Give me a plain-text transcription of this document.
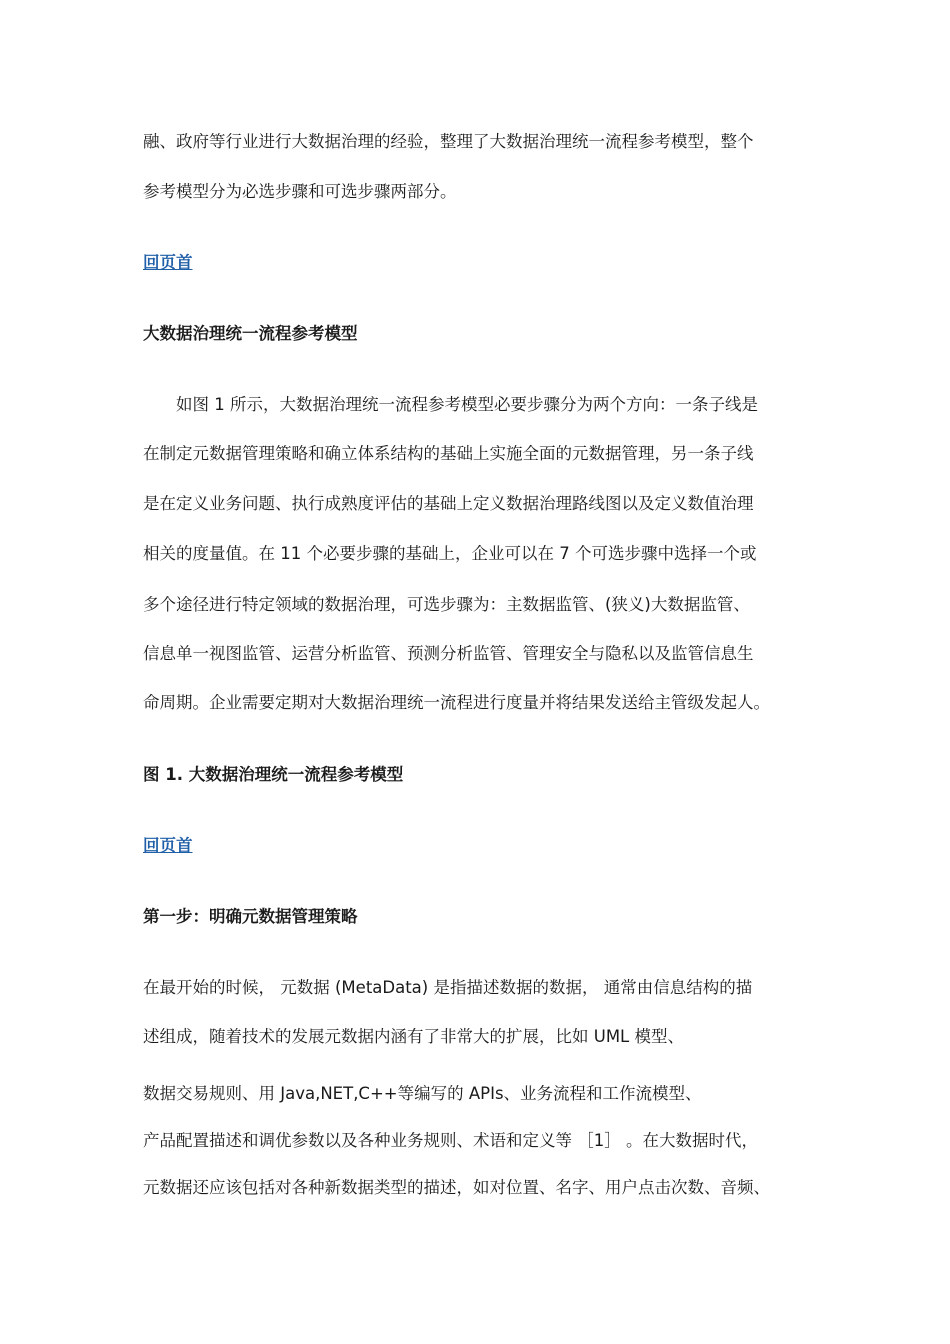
融、政府等行业进行大数据治理的经验，整理了大数据治理统一流程参考模型，整个
参考模型分为必选步骤和可选步骤两部分。
回页首
大数据治理统一流程参考模型
如图 1 所示，大数据治理统一流程参考模型必要步骤分为两个方向：一条子线是
在制定元数据管理策略和确立体系结构的基础上实施全面的元数据管理，另一条子线
是在定义业务问题、执行成熟度评估的基础上定义数据治理路线图以及定义数值治理
相关的度量值。在 11 个必要步骤的基础上，企业可以在 7 个可选步骤中选择一个或
多个途径进行特定领域的数据治理，可选步骤为：主数据监管、(狭义)大数据监管、
信息单一视图监管、运营分析监管、预测分析监管、管理安全与隐私以及监管信息生
命周期。企业需要定期对大数据治理统一流程进行度量并将结果发送给主管级发起人。
图 1. 大数据治理统一流程参考模型
回页首
第一步：明确元数据管理策略
在最开始的时候， 元数据 (MetaData) 是指描述数据的数据， 通常由信息结构的描
述组成，随着技术的发展元数据内涵有了非常大的扩展，比如 UML 模型、
数据交易规则、用 Java,NET,C++等编写的 APIs、业务流程和工作流模型、
产品配置描述和调优参数以及各种业务规则、术语和定义等 ［1］ 。在大数据时代，
元数据还应该包括对各种新数据类型的描述，如对位置、名字、用户点击次数、音频、
